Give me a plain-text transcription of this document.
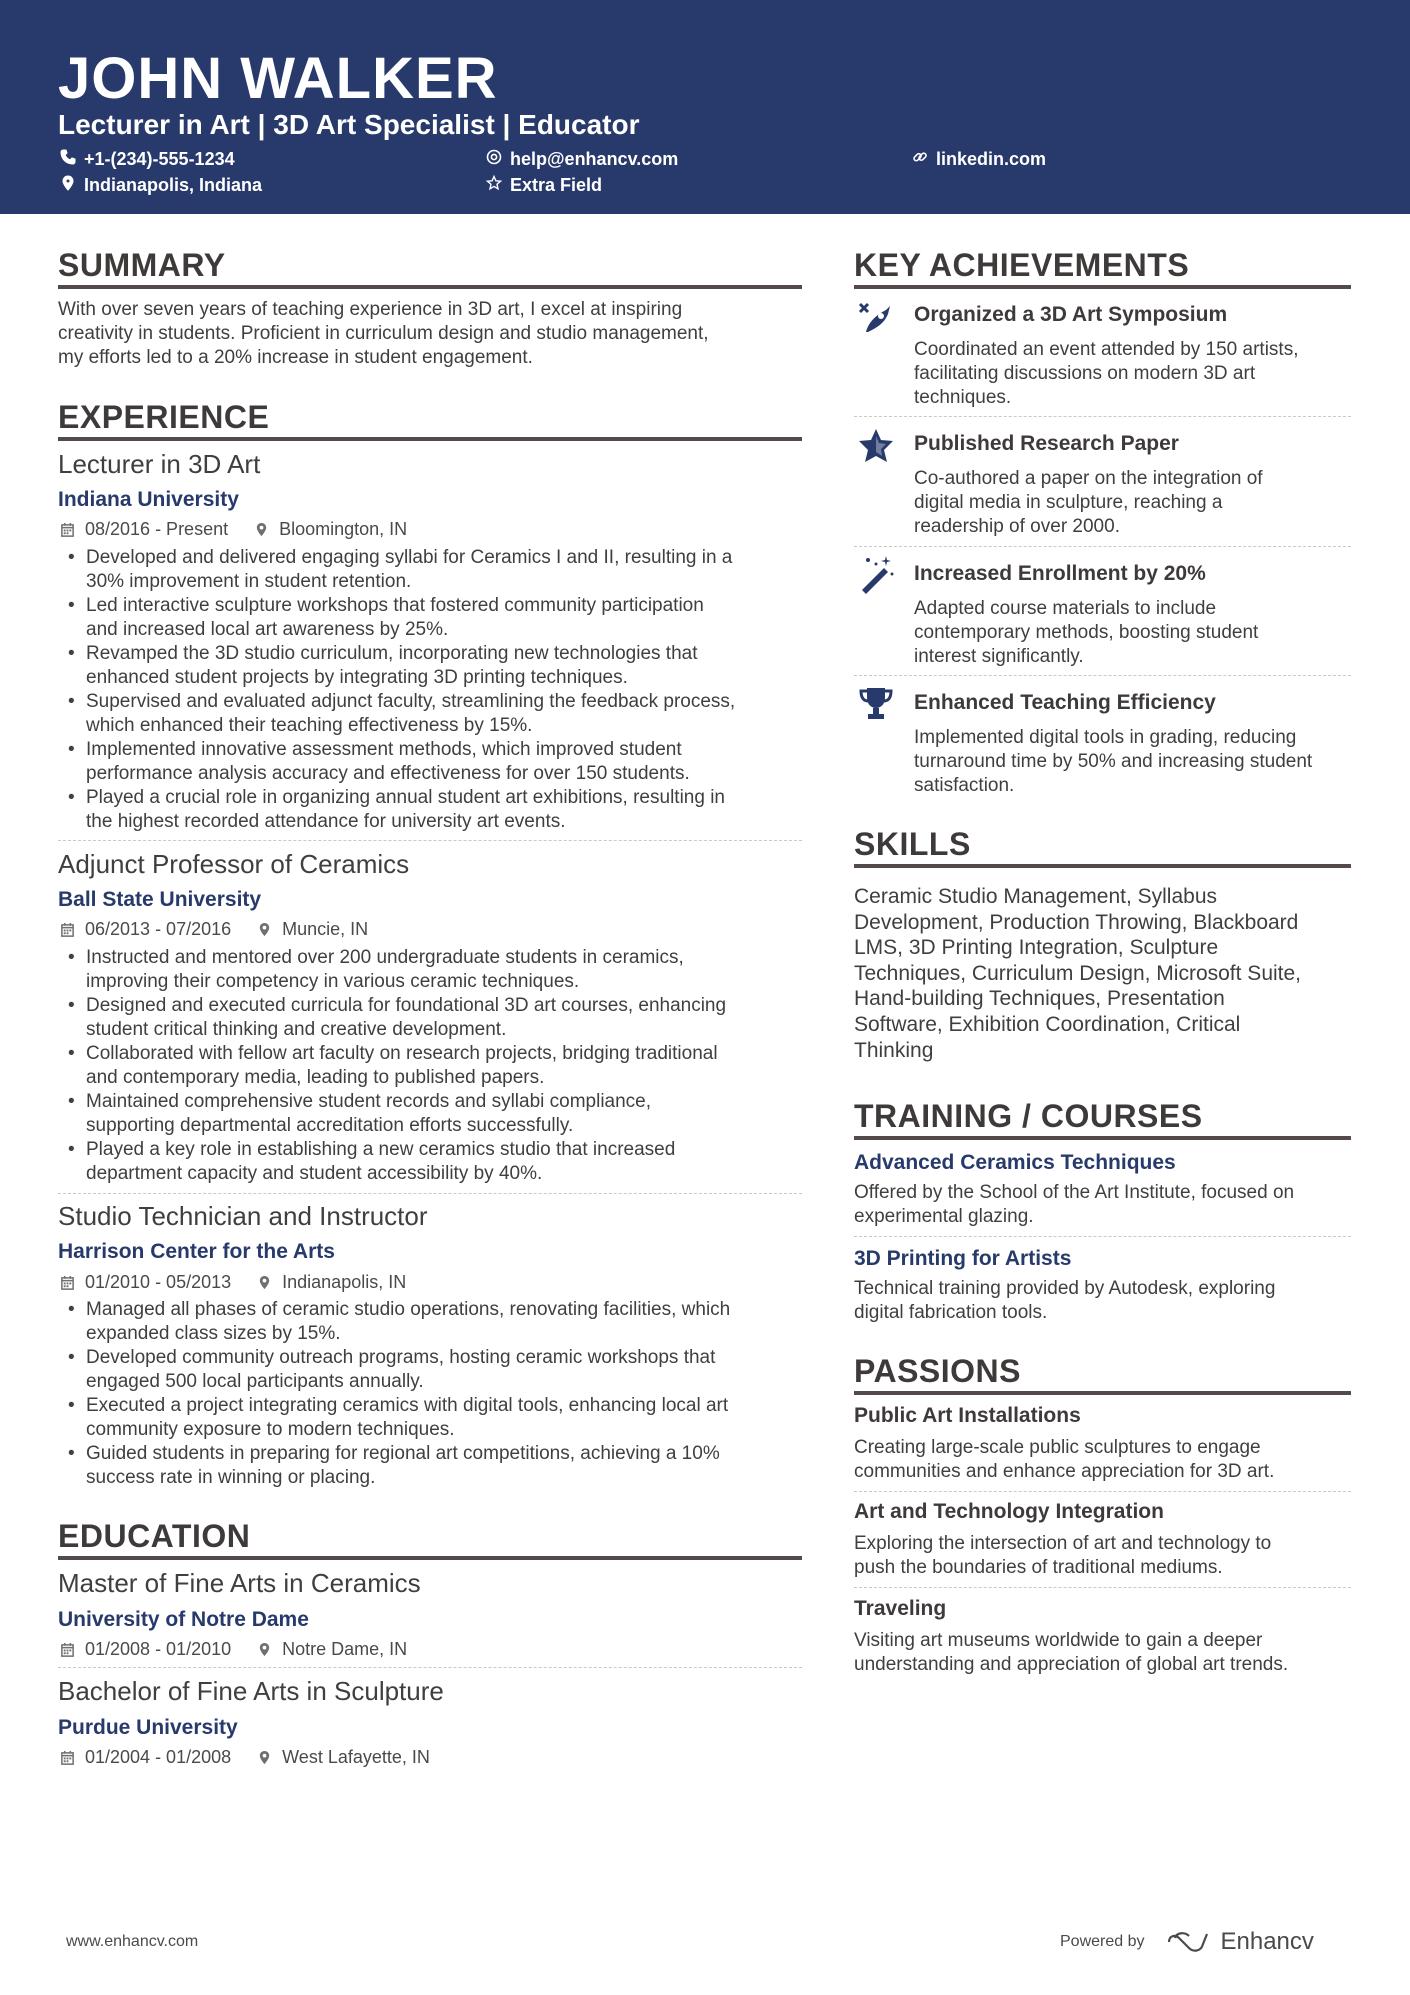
JOHN WALKER
Lecturer in Art | 3D Art Specialist | Educator
+1-(234)-555-1234	help@enhancv.com	linkedin.com
Indianapolis, Indiana	Extra Field
SUMMARY
With over seven years of teaching experience in 3D art, I excel at inspiring
creativity in students. Proficient in curriculum design and studio management,
my efforts led to a 20% increase in student engagement.
EXPERIENCE
Lecturer in 3D Art
Indiana University
08/2016 - Present	Bloomington, IN
• Developed and delivered engaging syllabi for Ceramics I and II, resulting in a
30% improvement in student retention.
• Led interactive sculpture workshops that fostered community participation
and increased local art awareness by 25%.
• Revamped the 3D studio curriculum, incorporating new technologies that
enhanced student projects by integrating 3D printing techniques.
• Supervised and evaluated adjunct faculty, streamlining the feedback process,
which enhanced their teaching effectiveness by 15%.
• Implemented innovative assessment methods, which improved student
performance analysis accuracy and effectiveness for over 150 students.
• Played a crucial role in organizing annual student art exhibitions, resulting in
the highest recorded attendance for university art events.
Adjunct Professor of Ceramics
Ball State University
06/2013 - 07/2016	Muncie, IN
• Instructed and mentored over 200 undergraduate students in ceramics,
improving their competency in various ceramic techniques.
• Designed and executed curricula for foundational 3D art courses, enhancing
student critical thinking and creative development.
• Collaborated with fellow art faculty on research projects, bridging traditional
and contemporary media, leading to published papers.
• Maintained comprehensive student records and syllabi compliance,
supporting departmental accreditation efforts successfully.
• Played a key role in establishing a new ceramics studio that increased
department capacity and student accessibility by 40%.
Studio Technician and Instructor
Harrison Center for the Arts
01/2010 - 05/2013	Indianapolis, IN
• Managed all phases of ceramic studio operations, renovating facilities, which
expanded class sizes by 15%.
• Developed community outreach programs, hosting ceramic workshops that
engaged 500 local participants annually.
• Executed a project integrating ceramics with digital tools, enhancing local art
community exposure to modern techniques.
• Guided students in preparing for regional art competitions, achieving a 10%
success rate in winning or placing.
EDUCATION
Master of Fine Arts in Ceramics
University of Notre Dame
01/2008 - 01/2010	Notre Dame, IN
Bachelor of Fine Arts in Sculpture
Purdue University
01/2004 - 01/2008	West Lafayette, IN
KEY ACHIEVEMENTS
Organized a 3D Art Symposium
Coordinated an event attended by 150 artists,
facilitating discussions on modern 3D art
techniques.
Published Research Paper
Co-authored a paper on the integration of
digital media in sculpture, reaching a
readership of over 2000.
Increased Enrollment by 20%
Adapted course materials to include
contemporary methods, boosting student
interest significantly.
Enhanced Teaching Efficiency
Implemented digital tools in grading, reducing
turnaround time by 50% and increasing student
satisfaction.
SKILLS
Ceramic Studio Management, Syllabus
Development, Production Throwing, Blackboard
LMS, 3D Printing Integration, Sculpture
Techniques, Curriculum Design, Microsoft Suite,
Hand-building Techniques, Presentation
Software, Exhibition Coordination, Critical
Thinking
TRAINING / COURSES
Advanced Ceramics Techniques
Offered by the School of the Art Institute, focused on
experimental glazing.
3D Printing for Artists
Technical training provided by Autodesk, exploring
digital fabrication tools.
PASSIONS
Public Art Installations
Creating large-scale public sculptures to engage
communities and enhance appreciation for 3D art.
Art and Technology Integration
Exploring the intersection of art and technology to
push the boundaries of traditional mediums.
Traveling
Visiting art museums worldwide to gain a deeper
understanding and appreciation of global art trends.
www.enhancv.com	Powered by	Enhancv
